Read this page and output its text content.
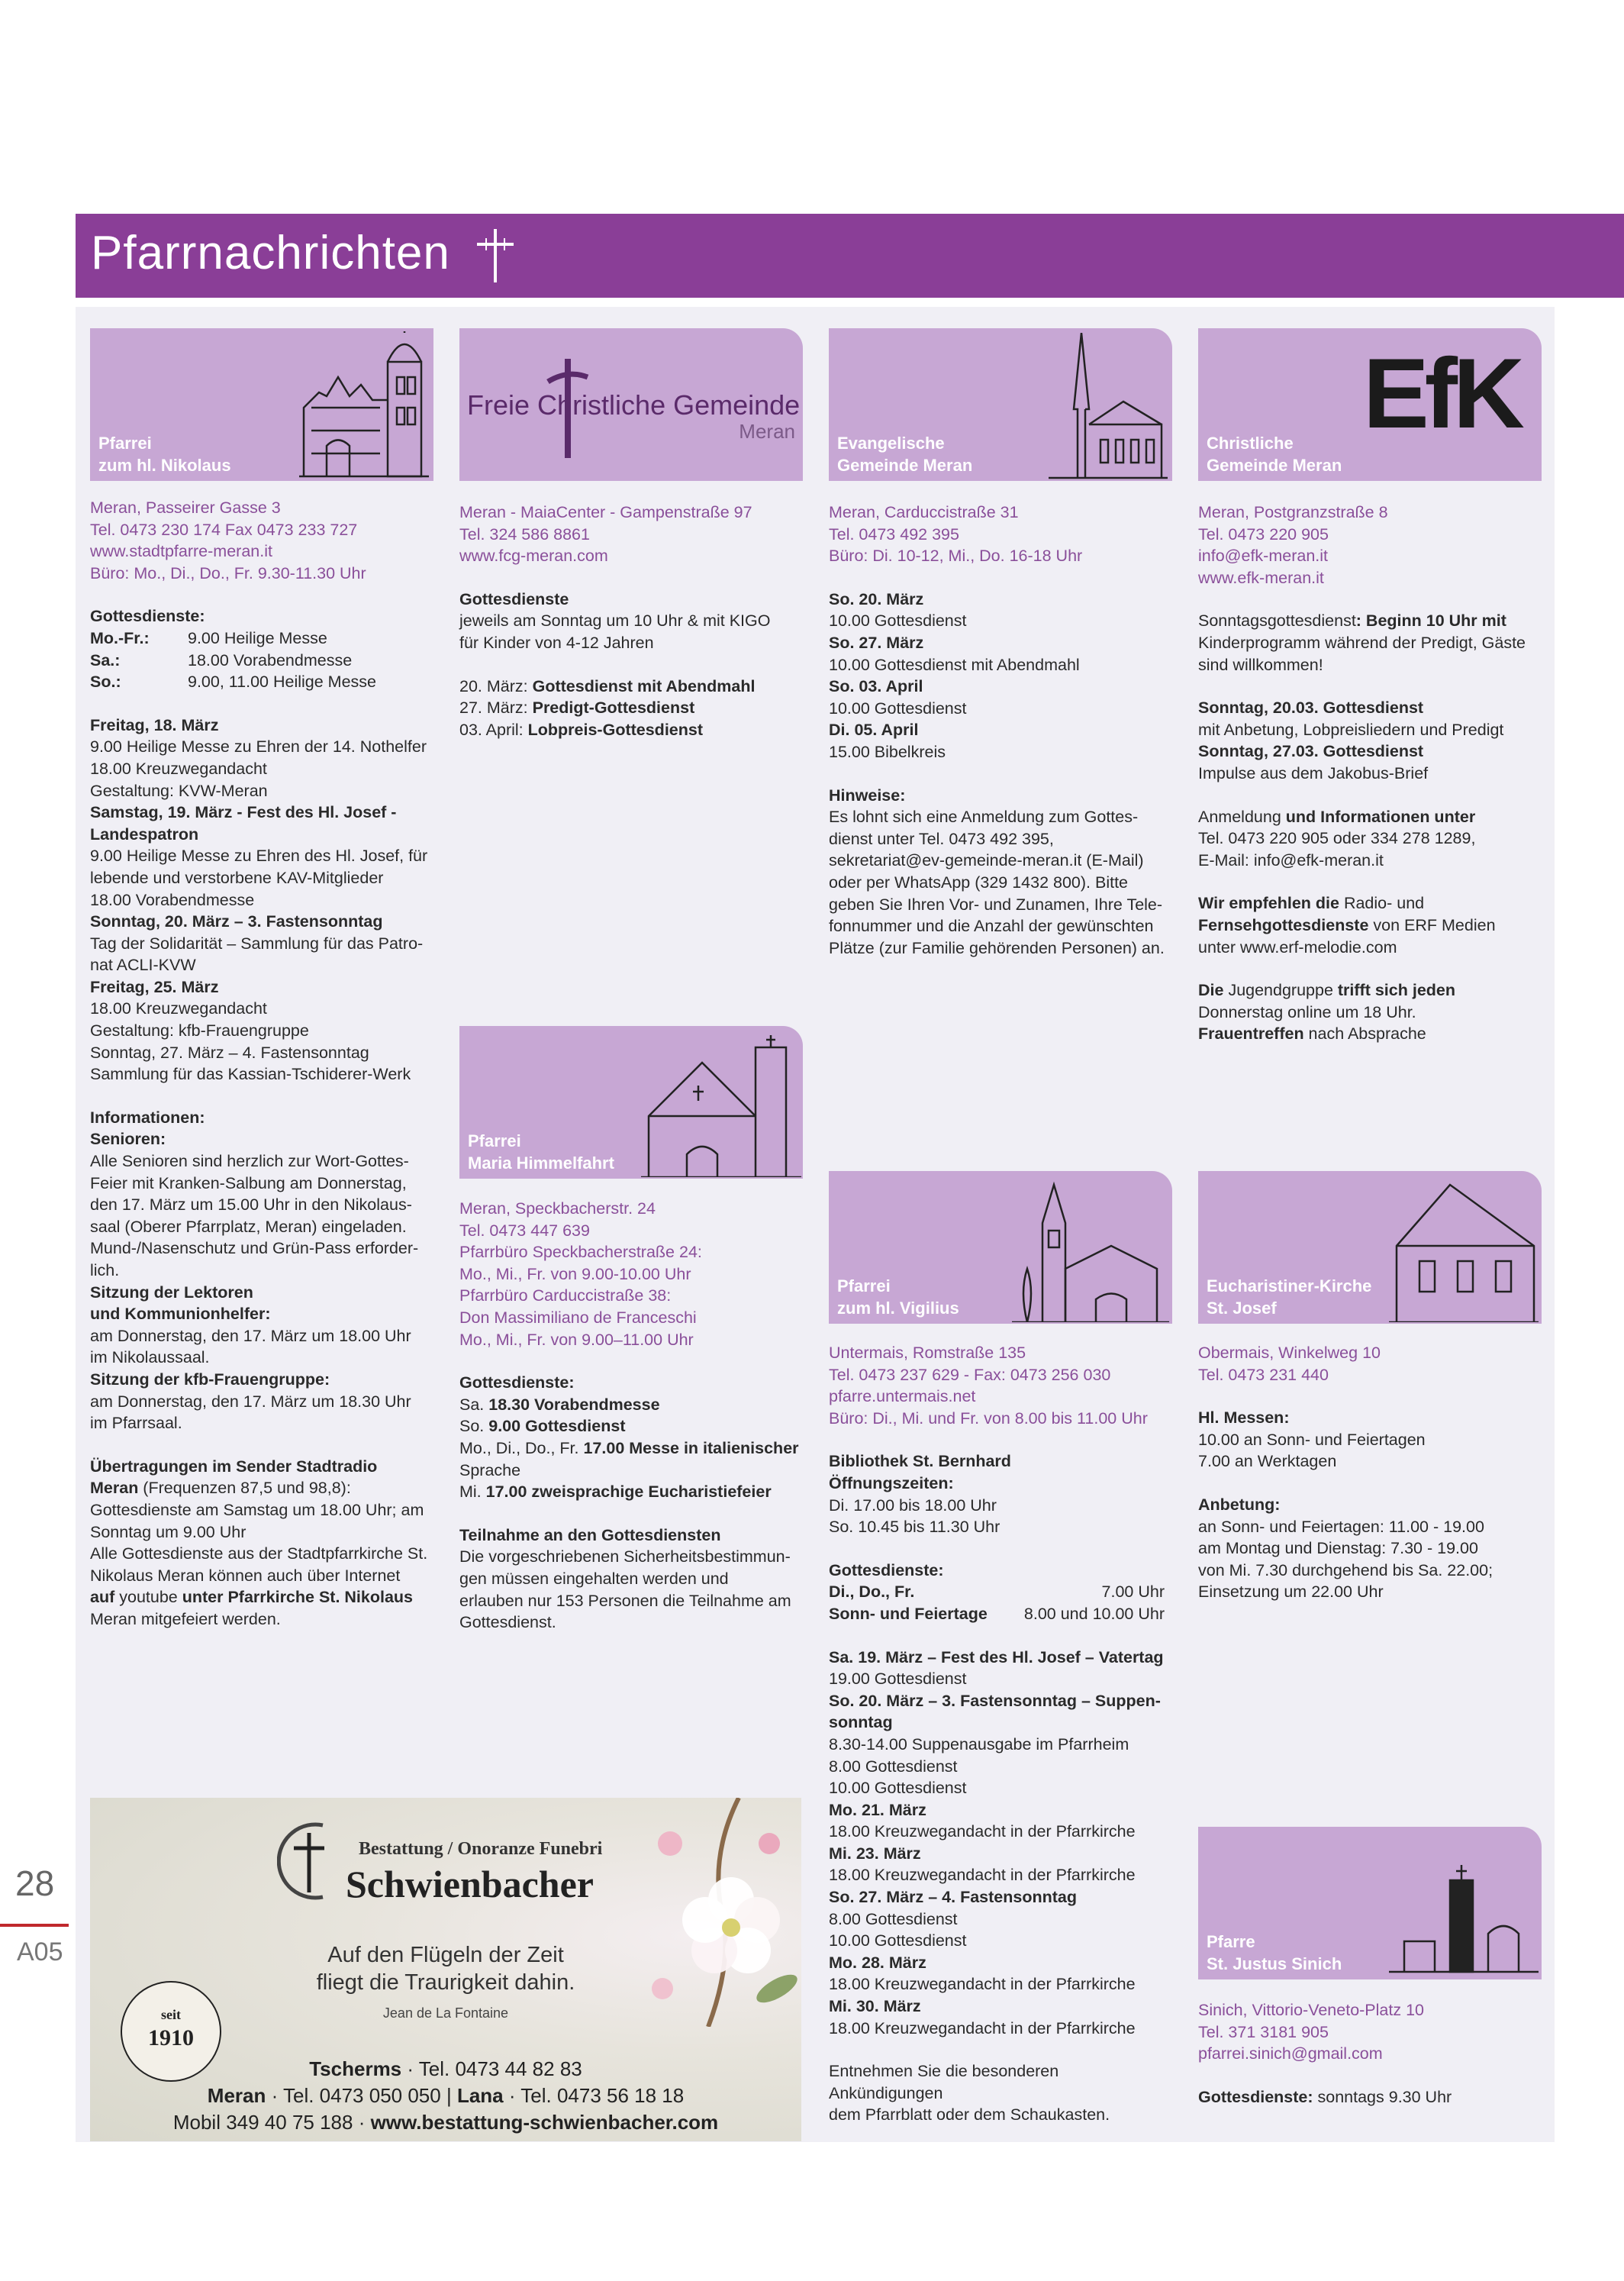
Pfarrnachrichten
Pfarrei
zum hl. Nikolaus
Freie Christliche Gemeinde
Meran
Evangelische
Gemeinde Meran
EfK
Christliche
Gemeinde Meran

Meran, Passeirer Gasse 3

Tel. 0473 230 174 Fax 0473 233 727

www.stadtpfarre-meran.it

Büro: Mo., Di., Do., Fr. 9.30-11.30 Uhr

Gottesdienste:

Mo.-Fr.: 9.00 Heilige Messe

Sa.:	18.00 Vorabendmesse

So.:	9.00, 11.00 Heilige Messe

Freitag, 18. März

9.00 Heilige Messe zu Ehren der 14. Nothelfer

18.00 Kreuzwegandacht

Gestaltung: KVW-Meran

Samstag, 19. März - Fest des Hl. Josef -

Landespatron

9.00 Heilige Messe zu Ehren des Hl. Josef, für

lebende und verstorbene KAV-Mitglieder

18.00 Vorabendmesse

Sonntag, 20. März – 3. Fastensonntag

Tag der Solidarität – Sammlung für das Patro-

nat ACLI-KVW

Freitag, 25. März

18.00 Kreuzwegandacht

Gestaltung: kfb-Frauengruppe

Sonntag, 27. März – 4. Fastensonntag

Sammlung für das Kassian-Tschiderer-Werk

Informationen:

Senioren:

Alle Senioren sind herzlich zur Wort-Gottes-

Feier mit Kranken-Salbung am Donnerstag,

den 17. März um 15.00 Uhr in den Nikolaus-

saal (Oberer Pfarrplatz, Meran) eingeladen.

Mund-/Nasenschutz und Grün-Pass erforder-

lich.

Sitzung der Lektoren

und Kommunionhelfer:

am Donnerstag, den 17. März um 18.00 Uhr

im Nikolaussaal.

Sitzung der kfb-Frauengruppe:

am Donnerstag, den 17. März um 18.30 Uhr

im Pfarrsaal.

Übertragungen im Sender Stadtradio

Meran (Frequenzen 87,5 und 98,8):

Gottesdienste am Samstag um 18.00 Uhr; am

Sonntag um 9.00 Uhr

Alle Gottesdienste aus der Stadtpfarrkirche St.

Nikolaus Meran können auch über Internet

auf youtube unter Pfarrkirche St. Nikolaus

Meran mitgefeiert werden.

Meran - MaiaCenter - Gampenstraße 97

Tel. 324 586 8861

www.fcg-meran.com

Gottesdienste

jeweils am Sonntag um 10 Uhr & mit KIGO

für Kinder von 4-12 Jahren

20. März: Gottesdienst mit Abendmahl

27. März: Predigt-Gottesdienst

03. April: Lobpreis-Gottesdienst

Pfarrei
Maria Himmelfahrt

Meran, Speckbacherstr. 24

Tel. 0473 447 639

Pfarrbüro Speckbacherstraße 24:

Mo., Mi., Fr. von 9.00-10.00 Uhr

Pfarrbüro Carduccistraße 38:

Don Massimiliano de Franceschi

Mo., Mi., Fr. von 9.00–11.00 Uhr

Gottesdienste:

Sa. 18.30 Vorabendmesse

So. 9.00 Gottesdienst

Mo., Di., Do., Fr. 17.00 Messe in italienischer

Sprache

Mi. 17.00 zweisprachige Eucharistiefeier

Teilnahme an den Gottesdiensten

Die vorgeschriebenen Sicherheitsbestimmun-

gen müssen eingehalten werden und

erlauben nur 153 Personen die Teilnahme am

Gottesdienst.

Meran, Carduccistraße 31

Tel. 0473 492 395

Büro: Di. 10-12, Mi., Do. 16-18 Uhr

So. 20. März

10.00 Gottesdienst

So. 27. März

10.00 Gottesdienst mit Abendmahl

So. 03. April

10.00 Gottesdienst

Di. 05. April

15.00 Bibelkreis

Hinweise:

Es lohnt sich eine Anmeldung zum Gottes-

dienst unter Tel. 0473 492 395,

sekretariat@ev-gemeinde-meran.it (E-Mail)

oder per WhatsApp (329 1432 800). Bitte

geben Sie Ihren Vor- und Zunamen, Ihre Tele-

fonnummer und die Anzahl der gewünschten

Plätze (zur Familie gehörenden Personen) an.

Pfarrei
zum hl. Vigilius

Untermais, Romstraße 135

Tel. 0473 237 629 - Fax: 0473 256 030

pfarre.untermais.net

Büro: Di., Mi. und Fr. von 8.00 bis 11.00 Uhr

Bibliothek St. Bernhard

Öffnungszeiten:

Di. 17.00 bis 18.00 Uhr

So. 10.45 bis 11.30 Uhr

Gottesdienste:

Di., Do., Fr.	7.00 Uhr

Sonn- und Feiertage 8.00 und 10.00 Uhr

Sa. 19. März – Fest des Hl. Josef – Vatertag

19.00 Gottesdienst

So. 20. März – 3. Fastensonntag – Suppen-

sonntag

8.30-14.00 Suppenausgabe im Pfarrheim

8.00 Gottesdienst

10.00 Gottesdienst

Mo. 21. März

18.00 Kreuzwegandacht in der Pfarrkirche

Mi. 23. März

18.00 Kreuzwegandacht in der Pfarrkirche

So. 27. März – 4. Fastensonntag

8.00 Gottesdienst

10.00 Gottesdienst

Mo. 28. März

18.00 Kreuzwegandacht in der Pfarrkirche

Mi. 30. März

18.00 Kreuzwegandacht in der Pfarrkirche

Entnehmen Sie die besonderen Ankündigungen

dem Pfarrblatt oder dem Schaukasten.

Meran, Postgranzstraße 8

Tel. 0473 220 905

info@efk-meran.it

www.efk-meran.it

Sonntagsgottesdienst: Beginn 10 Uhr mit

Kinderprogramm während der Predigt, Gäste

sind willkommen!

Sonntag, 20.03. Gottesdienst

mit Anbetung, Lobpreisliedern und Predigt

Sonntag, 27.03. Gottesdienst

Impulse aus dem Jakobus-Brief

Anmeldung und Informationen unter

Tel. 0473 220 905 oder 334 278 1289,

E-Mail: info@efk-meran.it

Wir empfehlen die Radio- und

Fernsehgottesdienste von ERF Medien

unter www.erf-melodie.com

Die Jugendgruppe trifft sich jeden

Donnerstag online um 18 Uhr.

Frauentreffen nach Absprache

Eucharistiner-Kirche
St. Josef

Obermais, Winkelweg 10

Tel. 0473 231 440

Hl. Messen:

10.00 an Sonn- und Feiertagen

7.00 an Werktagen

Anbetung:

an Sonn- und Feiertagen: 11.00 - 19.00

am Montag und Dienstag: 7.30 - 19.00

von Mi. 7.30 durchgehend bis Sa. 22.00;

Einsetzung um 22.00 Uhr

Pfarre
St. Justus Sinich

Sinich, Vittorio-Veneto-Platz 10

Tel. 371 3181 905

pfarrei.sinich@gmail.com

Gottesdienste: sonntags 9.30 Uhr

Bestattung / Onoranze Funebri
Schwienbacher
Auf den Flügeln der Zeit
fliegt die Traurigkeit dahin.
Jean de La Fontaine
seit
1910
Tscherms · Tel. 0473 44 82 83
Meran · Tel. 0473 050 050 | Lana · Tel. 0473 56 18 18
Mobil 349 40 75 188 · www.bestattung-schwienbacher.com
28
A05
